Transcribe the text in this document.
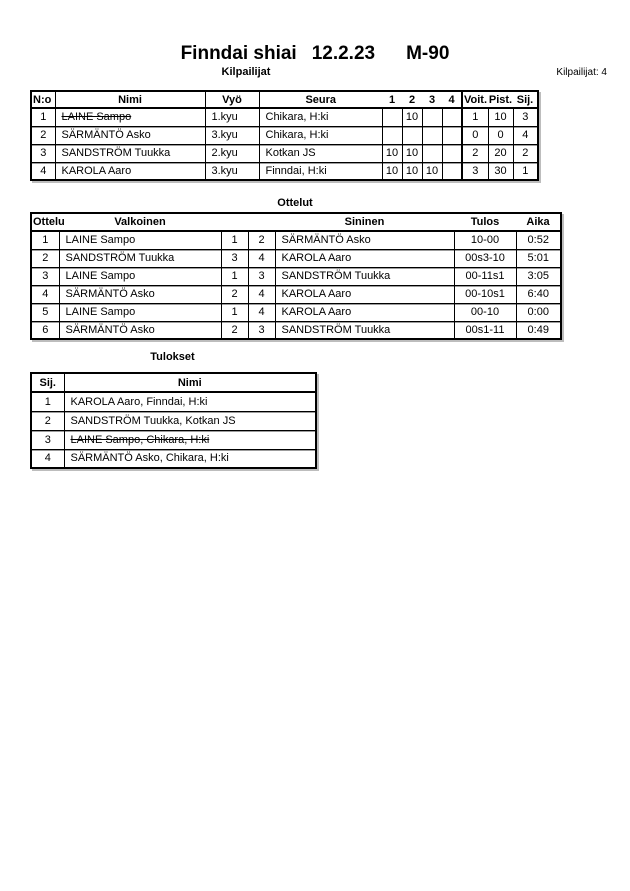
Finndai shiai 12.2.23 M-90
Kilpailijat	Kilpailijat: 4
N:o	Nimi	Vyö	Seura	1	2	3	4	Voit.	Pist.	Sij.
1	LAINE Sampo	1.kyu	Chikara, H:ki		10			1	10	3
2	SÄRMÄNTÖ Asko	3.kyu	Chikara, H:ki					0	0	4
3	SANDSTRÖM Tuukka	2.kyu	Kotkan JS	10	10			2	20	2
4	KAROLA Aaro	3.kyu	Finndai, H:ki	10	10	10		3	30	1
Ottelut
Ottelu	Valkoinen			Sininen	Tulos	Aika
1	LAINE Sampo	1	2	SÄRMÄNTÖ Asko	10-00	0:52
2	SANDSTRÖM Tuukka	3	4	KAROLA Aaro	00s3-10	5:01
3	LAINE Sampo	1	3	SANDSTRÖM Tuukka	00-11s1	3:05
4	SÄRMÄNTÖ Asko	2	4	KAROLA Aaro	00-10s1	6:40
5	LAINE Sampo	1	4	KAROLA Aaro	00-10	0:00
6	SÄRMÄNTÖ Asko	2	3	SANDSTRÖM Tuukka	00s1-11	0:49
Tulokset
Sij.	Nimi
1	KAROLA Aaro, Finndai, H:ki
2	SANDSTRÖM Tuukka, Kotkan JS
3	LAINE Sampo, Chikara, H:ki
4	SÄRMÄNTÖ Asko, Chikara, H:ki
